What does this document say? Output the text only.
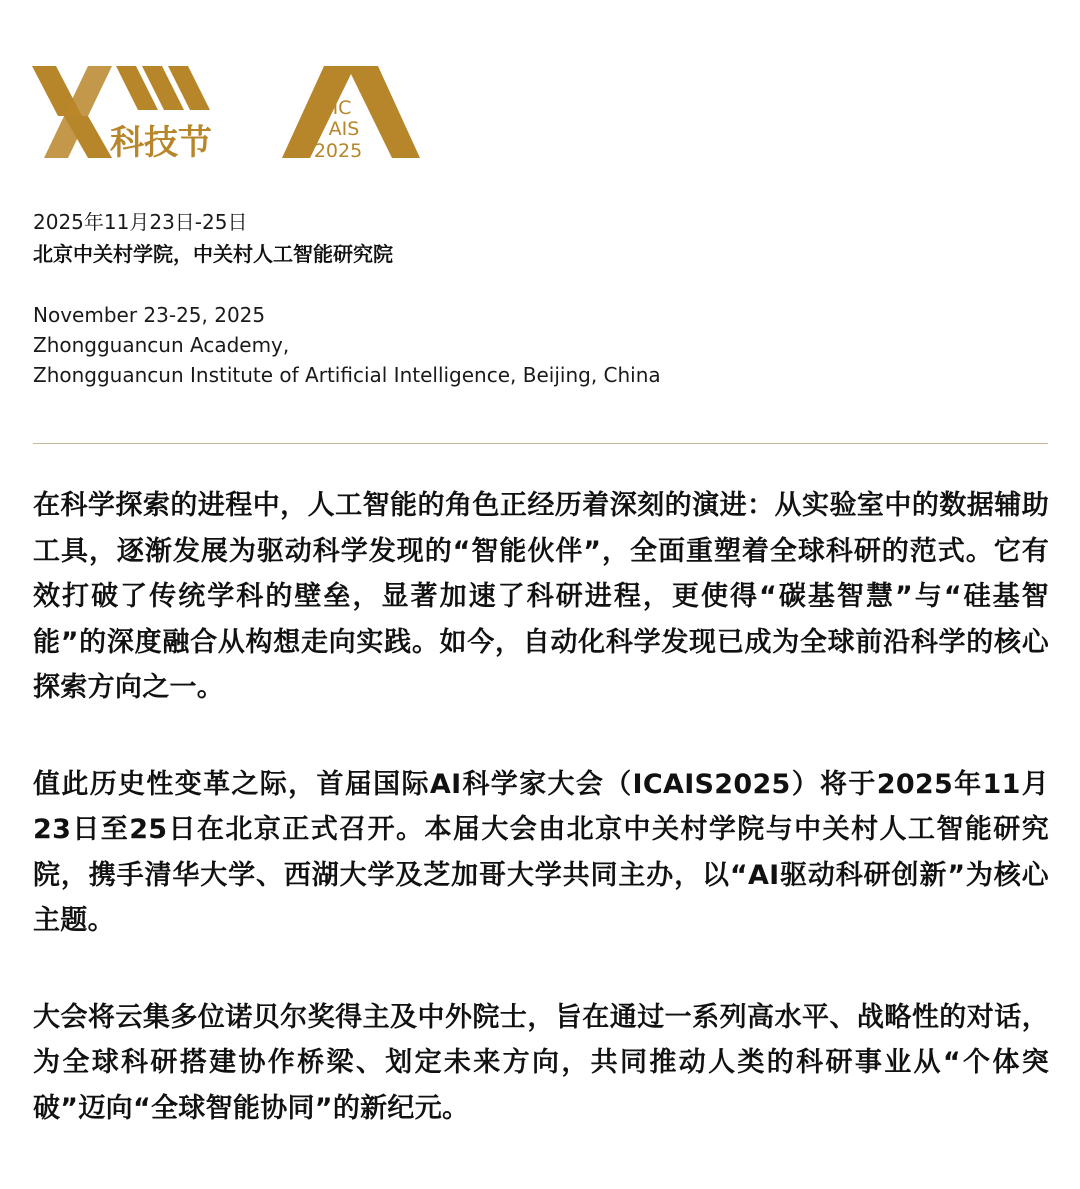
科技节
IC
AIS
2025
2025年11月23日-25日
北京中关村学院，中关村人工智能研究院
November 23-25, 2025
Zhongguancun Academy,
Zhongguancun Institute of Artificial Intelligence, Beijing, China

在科学探索的进程中，人工智能的角色正经历着深刻的演进：从实验室中的数据辅助工具，逐渐发展为驱动科学发现的“智能伙伴”，全面重塑着全球科研的范式。它有效打破了传统学科的壁垒，显著加速了科研进程，更使得“碳基智慧”与“硅基智能”的深度融合从构想走向实践。如今，自动化科学发现已成为全球前沿科学的核心探索方向之一。

值此历史性变革之际，首届国际AI科学家大会（ICAIS2025）将于2025年11月23日至25日在北京正式召开。本届大会由北京中关村学院与中关村人工智能研究院，携手清华大学、西湖大学及芝加哥大学共同主办，以“AI驱动科研创新”为核心主题。

大会将云集多位诺贝尔奖得主及中外院士，旨在通过一系列高水平、战略性的对话，为全球科研搭建协作桥梁、划定未来方向，共同推动人类的科研事业从“个体突破”迈向“全球智能协同”的新纪元。
